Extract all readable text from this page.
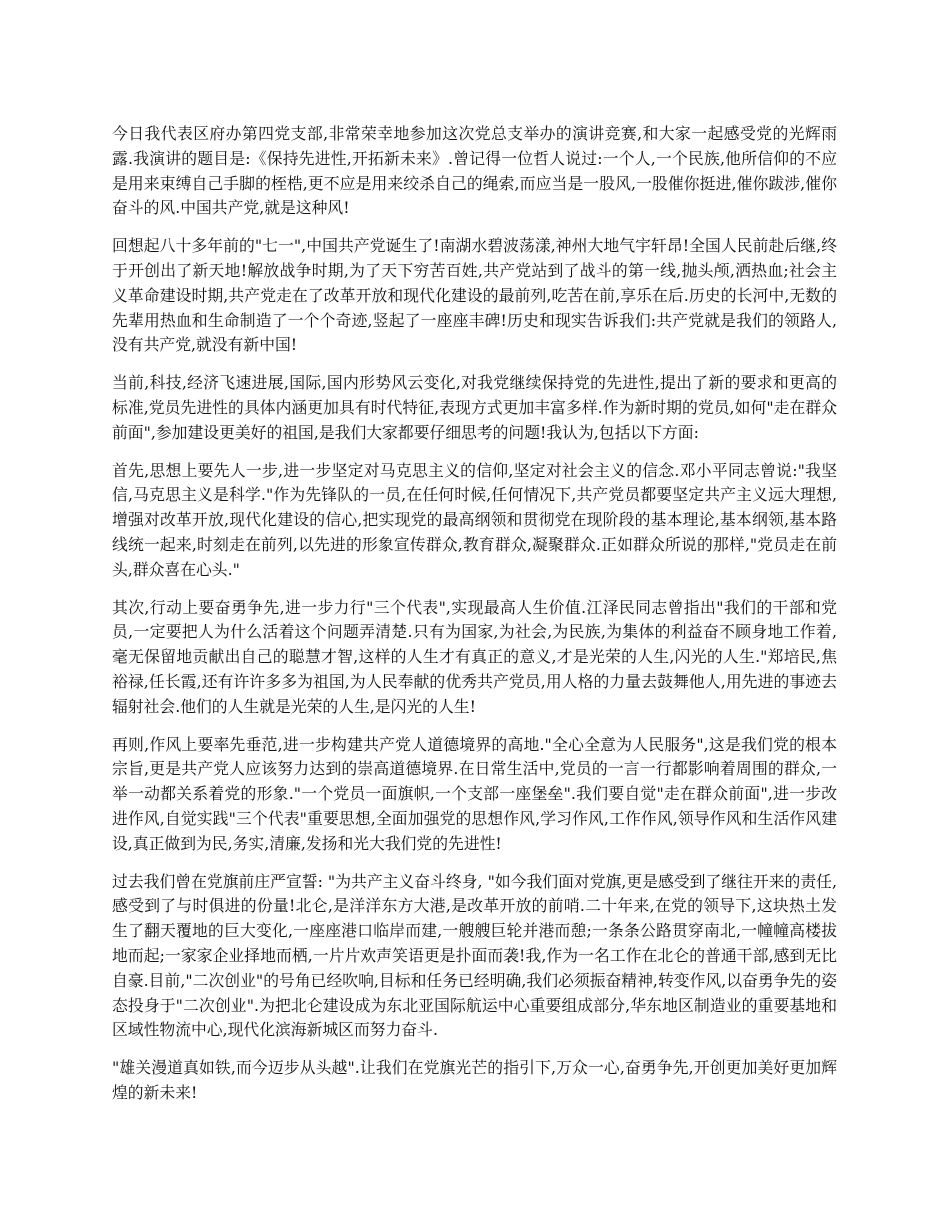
今日我代表区府办第四党支部,非常荣幸地参加这次党总支举办的演讲竞赛,和大家一起感受党的光辉雨露.我演讲的题目是:《保持先进性,开拓新未来》.曾记得一位哲人说过:一个人,一个民族,他所信仰的不应是用来束缚自己手脚的桎梏,更不应是用来绞杀自己的绳索,而应当是一股风,一股催你挺进,催你跋涉,催你奋斗的风.中国共产党,就是这种风!

回想起八十多年前的"七一",中国共产党诞生了!南湖水碧波荡漾,神州大地气宇轩昂!全国人民前赴后继,终于开创出了新天地!解放战争时期,为了天下穷苦百姓,共产党站到了战斗的第一线,抛头颅,洒热血;社会主义革命建设时期,共产党走在了改革开放和现代化建设的最前列,吃苦在前,享乐在后.历史的长河中,无数的先辈用热血和生命制造了一个个奇迹,竖起了一座座丰碑!历史和现实告诉我们:共产党就是我们的领路人,没有共产党,就没有新中国!

当前,科技,经济飞速进展,国际,国内形势风云变化,对我党继续保持党的先进性,提出了新的要求和更高的标准,党员先进性的具体内涵更加具有时代特征,表现方式更加丰富多样.作为新时期的党员,如何"走在群众前面",参加建设更美好的祖国,是我们大家都要仔细思考的问题!我认为,包括以下方面:

首先,思想上要先人一步,进一步坚定对马克思主义的信仰,坚定对社会主义的信念.邓小平同志曾说:"我坚信,马克思主义是科学."作为先锋队的一员,在任何时候,任何情况下,共产党员都要坚定共产主义远大理想,增强对改革开放,现代化建设的信心,把实现党的最高纲领和贯彻党在现阶段的基本理论,基本纲领,基本路线统一起来,时刻走在前列,以先进的形象宣传群众,教育群众,凝聚群众.正如群众所说的那样,"党员走在前头,群众喜在心头."

其次,行动上要奋勇争先,进一步力行"三个代表",实现最高人生价值.江泽民同志曾指出"我们的干部和党员,一定要把人为什么活着这个问题弄清楚.只有为国家,为社会,为民族,为集体的利益奋不顾身地工作着,毫无保留地贡献出自己的聪慧才智,这样的人生才有真正的意义,才是光荣的人生,闪光的人生."郑培民,焦裕禄,任长霞,还有许许多多为祖国,为人民奉献的优秀共产党员,用人格的力量去鼓舞他人,用先进的事迹去辐射社会.他们的人生就是光荣的人生,是闪光的人生!

再则,作风上要率先垂范,进一步构建共产党人道德境界的高地."全心全意为人民服务",这是我们党的根本宗旨,更是共产党人应该努力达到的崇高道德境界.在日常生活中,党员的一言一行都影响着周围的群众,一举一动都关系着党的形象."一个党员一面旗帜,一个支部一座堡垒".我们要自觉"走在群众前面",进一步改进作风,自觉实践"三个代表"重要思想,全面加强党的思想作风,学习作风,工作作风,领导作风和生活作风建设,真正做到为民,务实,清廉,发扬和光大我们党的先进性!

过去我们曾在党旗前庄严宣誓: "为共产主义奋斗终身, "如今我们面对党旗,更是感受到了继往开来的责任,感受到了与时俱进的份量!北仑,是洋洋东方大港,是改革开放的前哨.二十年来,在党的领导下,这块热土发生了翻天覆地的巨大变化,一座座港口临岸而建,一艘艘巨轮并港而憩;一条条公路贯穿南北,一幢幢高楼拔地而起;一家家企业择地而栖,一片片欢声笑语更是扑面而袭!我,作为一名工作在北仑的普通干部,感到无比自豪.目前,"二次创业"的号角已经吹响,目标和任务已经明确,我们必须振奋精神,转变作风,以奋勇争先的姿态投身于"二次创业".为把北仑建设成为东北亚国际航运中心重要组成部分,华东地区制造业的重要基地和区域性物流中心,现代化滨海新城区而努力奋斗.

"雄关漫道真如铁,而今迈步从头越".让我们在党旗光芒的指引下,万众一心,奋勇争先,开创更加美好更加辉煌的新未来!
